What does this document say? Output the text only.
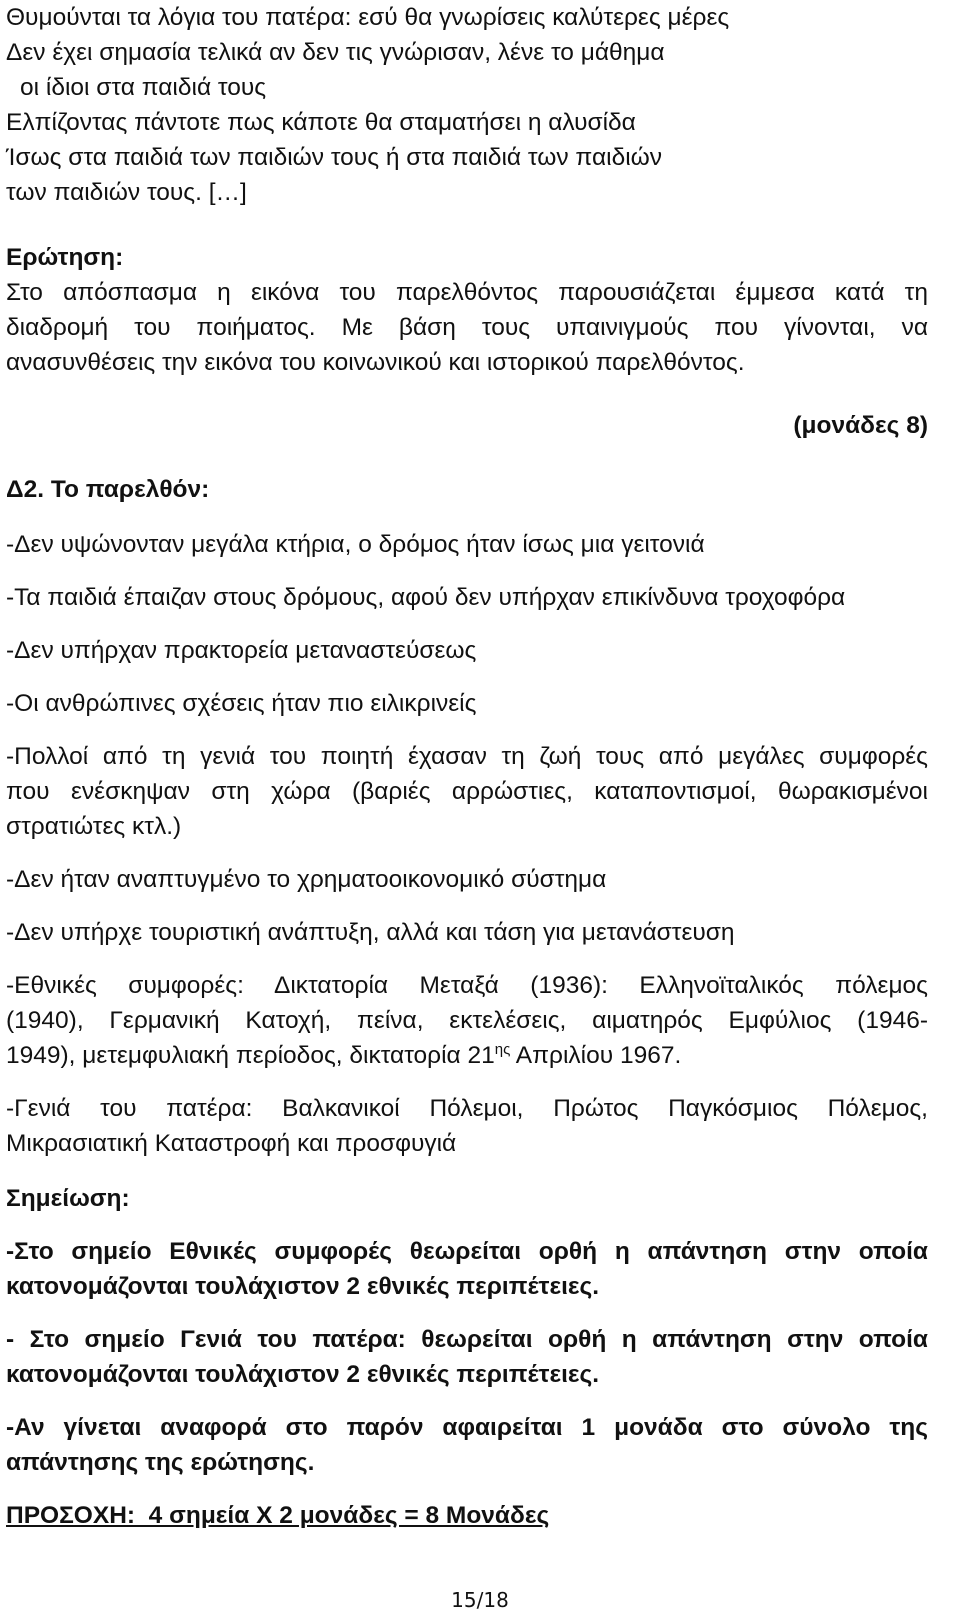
Θυμούνται τα λόγια του πατέρα: εσύ θα γνωρίσεις καλύτερες μέρες
Δεν έχει σημασία τελικά αν δεν τις γνώρισαν, λένε το μάθημα
οι ίδιοι στα παιδιά τους
Ελπίζοντας πάντοτε πως κάποτε θα σταματήσει η αλυσίδα
Ίσως στα παιδιά των παιδιών τους ή στα παιδιά των παιδιών
των παιδιών τους. […]
Ερώτηση:
Στο απόσπασμα η εικόνα του παρελθόντος παρουσιάζεται έμμεσα κατά τη
διαδρομή του ποιήματος. Με βάση τους υπαινιγμούς που γίνονται, να
ανασυνθέσεις την εικόνα του κοινωνικού και ιστορικού παρελθόντος.
(μονάδες 8)
Δ2. Το παρελθόν:
-Δεν υψώνονταν μεγάλα κτήρια, ο δρόμος ήταν ίσως μια γειτονιά
-Τα παιδιά έπαιζαν στους δρόμους, αφού δεν υπήρχαν επικίνδυνα τροχοφόρα
-Δεν υπήρχαν πρακτορεία μεταναστεύσεως
-Οι ανθρώπινες σχέσεις ήταν πιο ειλικρινείς
-Πολλοί από τη γενιά του ποιητή έχασαν τη ζωή τους από μεγάλες συμφορές
που ενέσκηψαν στη χώρα (βαριές αρρώστιες, καταποντισμοί, θωρακισμένοι
στρατιώτες κτλ.)
-Δεν ήταν αναπτυγμένο το χρηματοοικονομικό σύστημα
-Δεν υπήρχε τουριστική ανάπτυξη, αλλά και τάση για μετανάστευση
-Εθνικές συμφορές: Δικτατορία Μεταξά (1936): Ελληνοϊταλικός πόλεμος
(1940), Γερμανική Κατοχή, πείνα, εκτελέσεις, αιματηρός Εμφύλιος (1946-
1949), μετεμφυλιακή περίοδος, δικτατορία $21^{\eta\varsigma}$ Απριλίου 1967.
-Γενιά του πατέρα: Βαλκανικοί Πόλεμοι, Πρώτος Παγκόσμιος Πόλεμος,
Μικρασιατική Καταστροφή και προσφυγιά
Σημείωση:
-Στο σημείο Εθνικές συμφορές θεωρείται ορθή η απάντηση στην οποία
κατονομάζονται τουλάχιστον 2 εθνικές περιπέτειες.
- Στο σημείο Γενιά του πατέρα: θεωρείται ορθή η απάντηση στην οποία
κατονομάζονται τουλάχιστον 2 εθνικές περιπέτειες.
-Αν γίνεται αναφορά στο παρόν αφαιρείται 1 μονάδα στο σύνολο της
απάντησης της ερώτησης.
ΠΡΟΣΟΧΗ:  4 σημεία Χ 2 μονάδες = 8 Μονάδες
15/18
